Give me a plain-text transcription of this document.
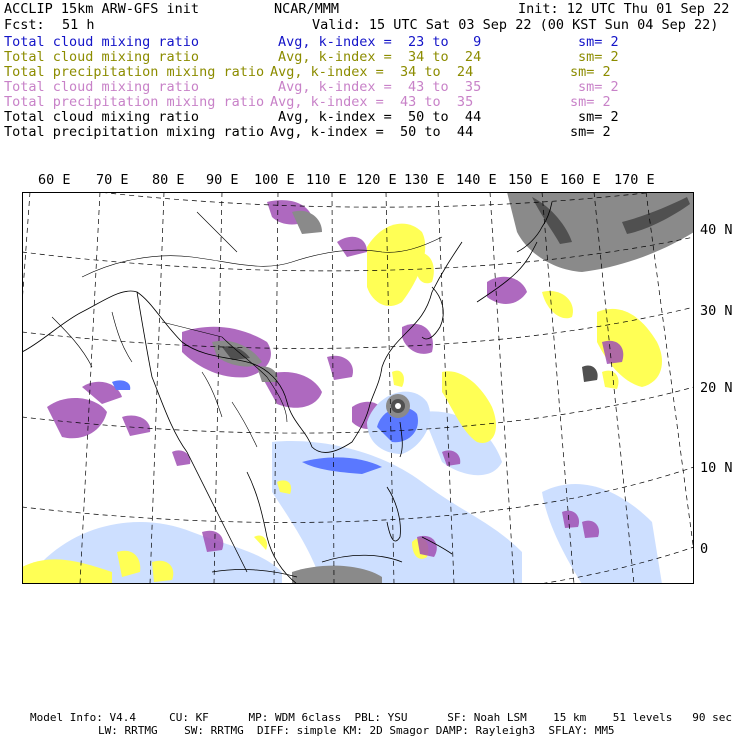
ACCLIP 15km ARW-GFS init	NCAR/MMM	Init: 12 UTC Thu 01 Sep 22
Fcst: 51 h	Valid: 15 UTC Sat 03 Sep 22 (00 KST Sun 04 Sep 22)
Total cloud mixing ratio	Avg, k-index =  23 to   9	sm= 2
Total cloud mixing ratio	Avg, k-index =  34 to  24	sm= 2
Total precipitation mixing ratio Avg, k-index =  34 to  24	sm= 2
Total cloud mixing ratio	Avg, k-index =  43 to  35	sm= 2
Total precipitation mixing ratio Avg, k-index =  43 to  35	sm= 2
Total cloud mixing ratio	Avg, k-index =  50 to  44	sm= 2
Total precipitation mixing ratio Avg, k-index =  50 to  44	sm= 2
60 E 70 E 80 E 90 E 100 E 110 E 120 E 130 E 140 E 150 E 160 E 170 E
40 N
30 N
20 N
10 N
0
Model Info: V4.4     CU: KF      MP: WDM 6class  PBL: YSU      SF: Noah LSM    15 km    51 levels   90 sec
LW: RRTMG    SW: RRTMG  DIFF: simple KM: 2D Smagor DAMP: Rayleigh3  SFLAY: MM5
